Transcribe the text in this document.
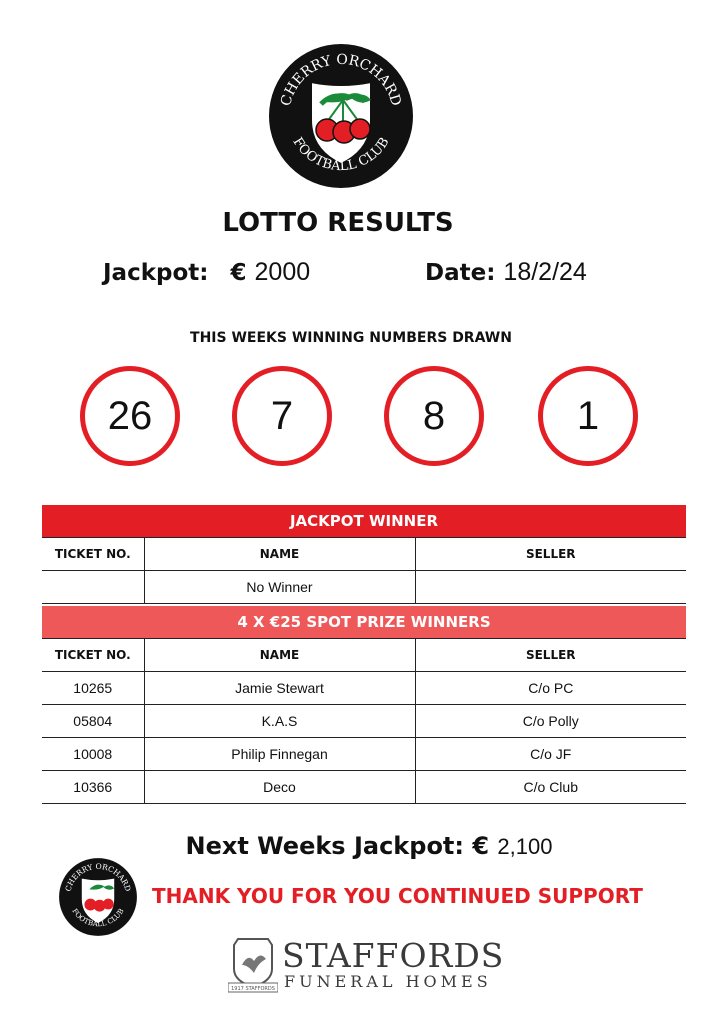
CHERRY ORCHARD
FOOTBALL CLUB
LOTTO RESULTS
Jackpot: € 2000	Date: 18/2/24
THIS WEEKS WINNING NUMBERS DRAWN
26	7	8	1
JACKPOT WINNER
TICKET NO.	NAME	SELLER
	No Winner	
4 X €25 SPOT PRIZE WINNERS
TICKET NO.	NAME	SELLER
10265	Jamie Stewart	C/o PC
05804	K.A.S	C/o Polly
10008	Philip Finnegan	C/o JF
10366	Deco	C/o Club
Next Weeks Jackpot: € 2,100
CHERRY ORCHARD
FOOTBALL CLUB
THANK YOU FOR YOU CONTINUED SUPPORT
1917 STAFFORDS
STAFFORDS
FUNERAL HOMES
